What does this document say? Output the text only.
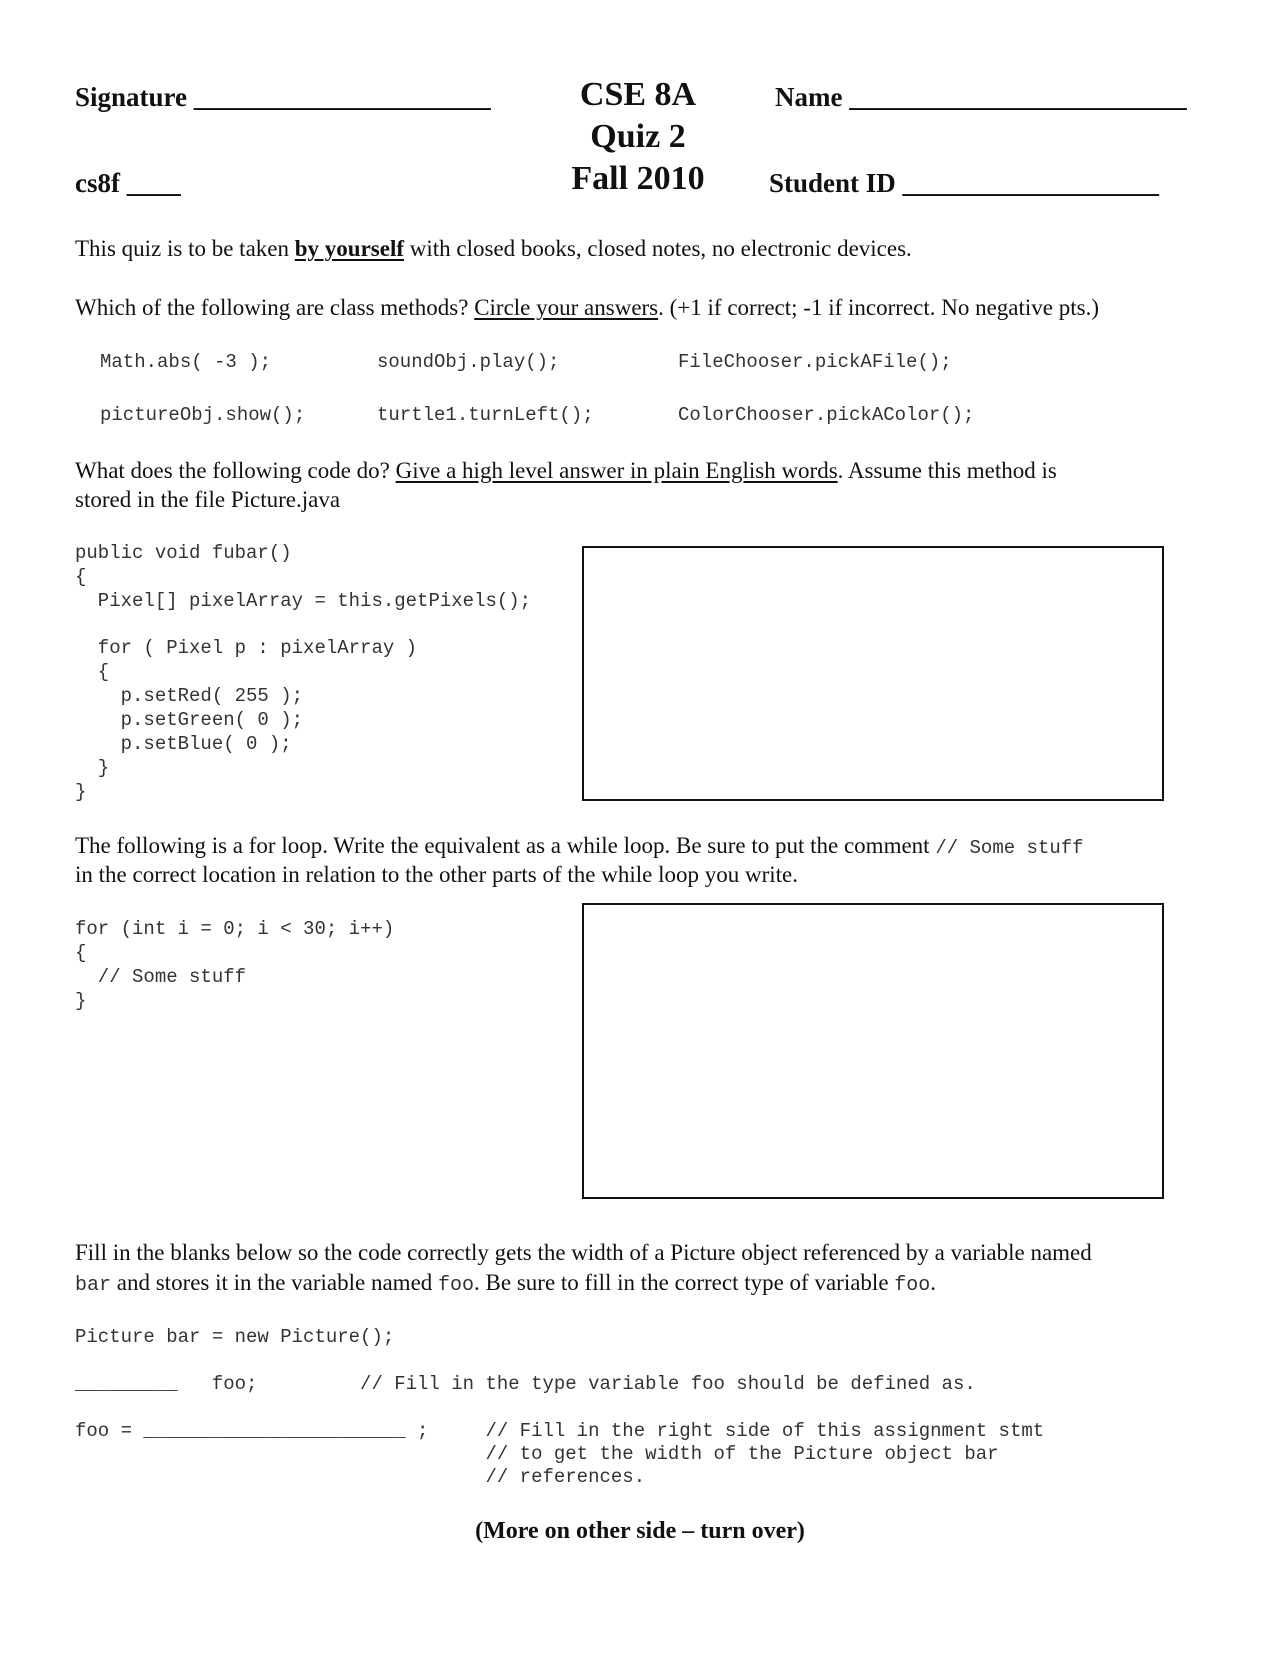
Signature ______________________	CSE 8A
Quiz 2
Fall 2010
Name _________________________
cs8f ____	Student ID ___________________
This quiz is to be taken by yourself with closed books, closed notes, no electronic devices.
Which of the following are class methods? Circle your answers. (+1 if correct; -1 if incorrect. No negative pts.)
Math.abs( -3 );	soundObj.play();	FileChooser.pickAFile();
pictureObj.show();	turtle1.turnLeft();	ColorChooser.pickAColor();
What does the following code do? Give a high level answer in plain English words. Assume this method is
stored in the file Picture.java
public void fubar()
{
Pixel[] pixelArray = this.getPixels();
for ( Pixel p : pixelArray )
{
p.setRed( 255 );
p.setGreen( 0 );
p.setBlue( 0 );
}
}
The following is a for loop. Write the equivalent as a while loop. Be sure to put the comment // Some stuff
in the correct location in relation to the other parts of the while loop you write.
for (int i = 0; i < 30; i++)
{
// Some stuff
}
Fill in the blanks below so the code correctly gets the width of a Picture object referenced by a variable named
bar and stores it in the variable named foo. Be sure to fill in the correct type of variable foo.
Picture bar = new Picture();
_________   foo;         // Fill in the type variable foo should be defined as.
foo = _______________________ ;     // Fill in the right side of this assignment stmt
// to get the width of the Picture object bar
// references.
(More on other side – turn over)
